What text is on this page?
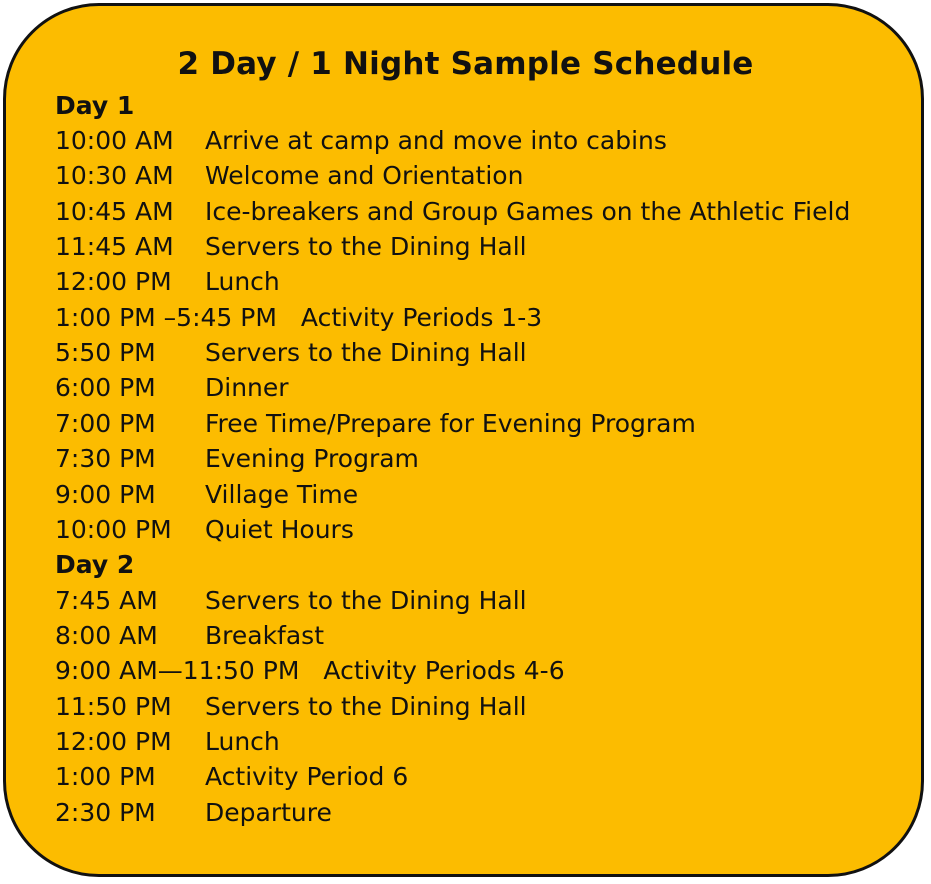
2 Day / 1 Night Sample Schedule
Day 1
10:00 AM Arrive at camp and move into cabins
10:30 AM Welcome and Orientation
10:45 AM Ice-breakers and Group Games on the Athletic Field
11:45 AM Servers to the Dining Hall
12:00 PM Lunch
1:00 PM –5:45 PM Activity Periods 1-3
5:50 PM Servers to the Dining Hall
6:00 PM Dinner
7:00 PM Free Time/Prepare for Evening Program
7:30 PM Evening Program
9:00 PM Village Time
10:00 PM Quiet Hours
Day 2
7:45 AM Servers to the Dining Hall
8:00 AM Breakfast
9:00 AM—11:50 PM Activity Periods 4-6
11:50 PM Servers to the Dining Hall
12:00 PM Lunch
1:00 PM Activity Period 6
2:30 PM Departure
